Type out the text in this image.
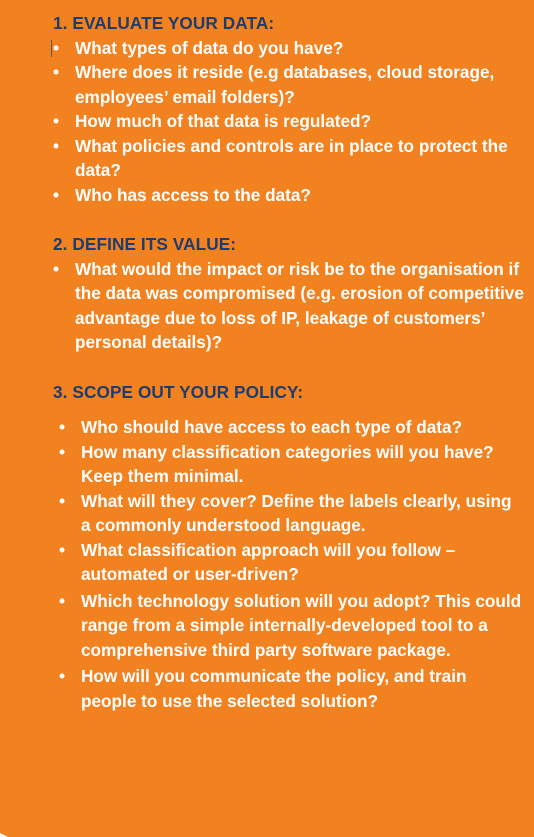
1. EVALUATE YOUR DATA:
• What types of data do you have?
• Where does it reside (e.g databases, cloud storage, employees’ email folders)?
• How much of that data is regulated?
• What policies and controls are in place to protect the data?
• Who has access to the data?
2. DEFINE ITS VALUE:
• What would the impact or risk be to the organisation if the data was compromised (e.g. erosion of competitive advantage due to loss of IP, leakage of customers’ personal details)?
3. SCOPE OUT YOUR POLICY:
• Who should have access to each type of data?
• How many classification categories will you have? Keep them minimal.
• What will they cover? Define the labels clearly, using a commonly understood language.
• What classification approach will you follow – automated or user-driven?
• Which technology solution will you adopt? This could range from a simple internally-developed tool to a comprehensive third party software package.
• How will you communicate the policy, and train people to use the selected solution?
